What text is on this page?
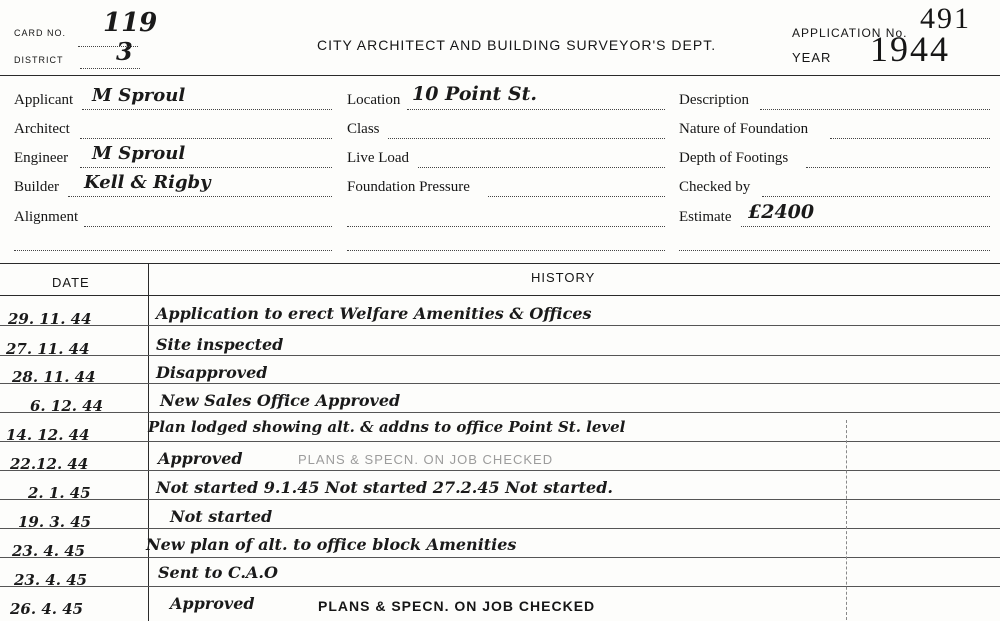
CARD NO. 119
DISTRICT 3	CITY ARCHITECT AND BUILDING SURVEYOR'S DEPT.
APPLICATION No. 491
YEAR 1944
Applicant M Sproul
Architect
Engineer M Sproul
Builder Kell & Rigby
Alignment
Location 10 Point St.
Class
Live Load
Foundation Pressure
Description
Nature of Foundation
Depth of Footings
Checked by
Estimate £2400
DATE	HISTORY
29. 11. 44	Application to erect Welfare Amenities & Offices
27. 11. 44	Site inspected
28. 11. 44	Disapproved
6. 12. 44	New Sales Office Approved
14. 12. 44	Plan lodged showing alt. & addns to office Point St. level
22.12. 44	Approved	PLANS & SPECN. ON JOB CHECKED
2. 1. 45	Not started 9.1.45 Not started 27.2.45 Not started.
19. 3. 45	Not started
23. 4. 45	New plan of alt. to office block Amenities
23. 4. 45	Sent to C.A.O
26. 4. 45	Approved	PLANS & SPECN. ON JOB CHECKED
